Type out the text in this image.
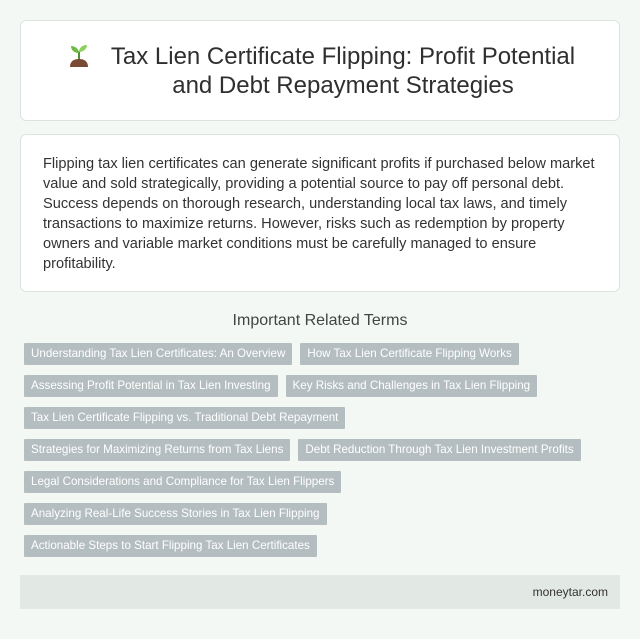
Tax Lien Certificate Flipping: Profit Potential
and Debt Repayment Strategies

Flipping tax lien certificates can generate significant profits if purchased below market value and sold strategically, providing a potential source to pay off personal debt. Success depends on thorough research, understanding local tax laws, and timely transactions to maximize returns. However, risks such as redemption by property owners and variable market conditions must be carefully managed to ensure profitability.

Important Related Terms
Understanding Tax Lien Certificates: An Overview	How Tax Lien Certificate Flipping Works
Assessing Profit Potential in Tax Lien Investing	Key Risks and Challenges in Tax Lien Flipping
Tax Lien Certificate Flipping vs. Traditional Debt Repayment
Strategies for Maximizing Returns from Tax Liens	Debt Reduction Through Tax Lien Investment Profits
Legal Considerations and Compliance for Tax Lien Flippers
Analyzing Real-Life Success Stories in Tax Lien Flipping
Actionable Steps to Start Flipping Tax Lien Certificates
moneytar.com
